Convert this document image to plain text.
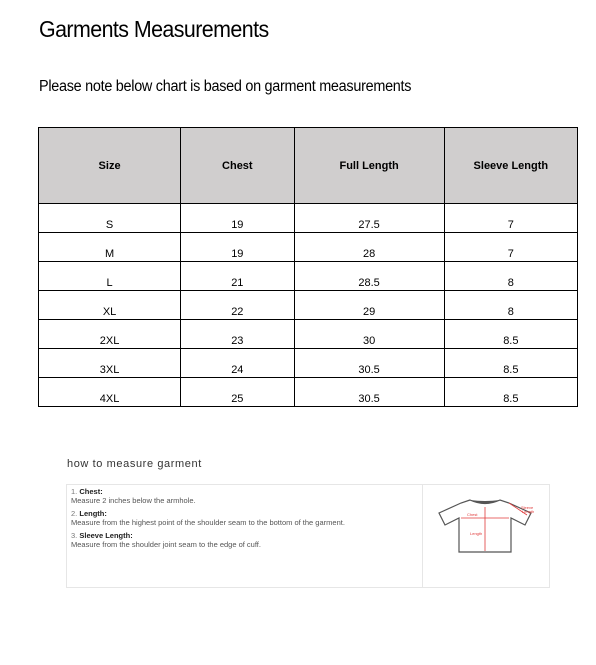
Garments Measurements
Please note below chart is based on garment measurements
Size	Chest	Full Length	Sleeve Length
S	19	27.5	7
M	19	28	7
L	21	28.5	8
XL	22	29	8
2XL	23	30	8.5
3XL	24	30.5	8.5
4XL	25	30.5	8.5
how to measure garment
1. Chest:
Measure 2 inches below the armhole.
2. Length:
Measure from the highest point of the shoulder seam to the bottom of the garment.
3. Sleeve Length:
Measure from the shoulder joint seam to the edge of cuff.
Chest
Length
Sleeve
Length
